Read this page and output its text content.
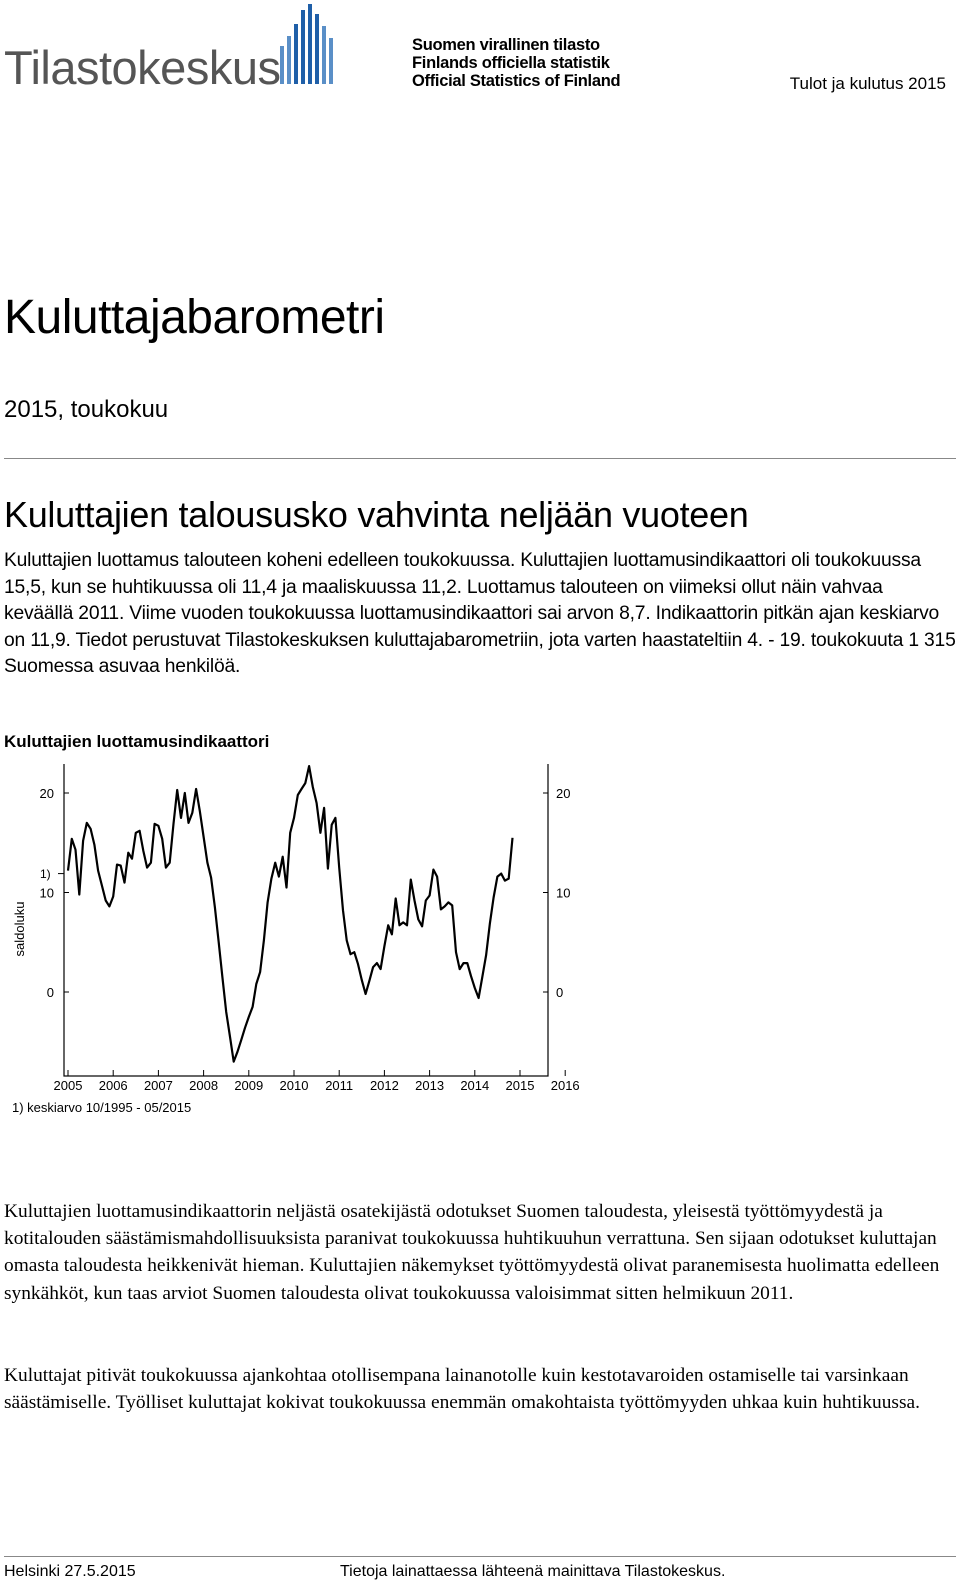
Tilastokeskus	Suomen virallinen tilasto
Finlands officiella statistik
Official Statistics of Finland	Tulot ja kulutus 2015
Kuluttajabarometri
2015, toukokuu
Kuluttajien taloususko vahvinta neljään vuoteen
Kuluttajien luottamus talouteen koheni edelleen toukokuussa. Kuluttajien luottamusindikaattori oli toukokuussa 15,5, kun se huhtikuussa oli 11,4 ja maaliskuussa 11,2. Luottamus talouteen on viimeksi ollut näin vahvaa keväällä 2011. Viime vuoden toukokuussa luottamusindikaattori sai arvon 8,7. Indikaattorin pitkän ajan keskiarvo on 11,9. Tiedot perustuvat Tilastokeskuksen kuluttajabarometriin, jota varten haastateltiin 4. - 19. toukokuuta 1 315 Suomessa asuvaa henkilöä.
Kuluttajien luottamusindikaattori
20
10
0
20
10
0
2005 2006 2007 2008 2009 2010 2011 2012 2013 2014 2015 2016
saldoluku
1)
1) keskiarvo 10/1995 - 05/2015
Kuluttajien luottamusindikaattorin neljästä osatekijästä odotukset Suomen taloudesta, yleisestä työttömyydestä ja kotitalouden säästämismahdollisuuksista paranivat toukokuussa huhtikuuhun verrattuna. Sen sijaan odotukset kuluttajan omasta taloudesta heikkenivät hieman. Kuluttajien näkemykset työttömyydestä olivat paranemisesta huolimatta edelleen synkähköt, kun taas arviot Suomen taloudesta olivat toukokuussa valoisimmat sitten helmikuun 2011.
Kuluttajat pitivät toukokuussa ajankohtaa otollisempana lainanotolle kuin kestotavaroiden ostamiselle tai varsinkaan säästämiselle. Työlliset kuluttajat kokivat toukokuussa enemmän omakohtaista työttömyyden uhkaa kuin huhtikuussa.
Helsinki 27.5.2015	Tietoja lainattaessa lähteenä mainittava Tilastokeskus.
